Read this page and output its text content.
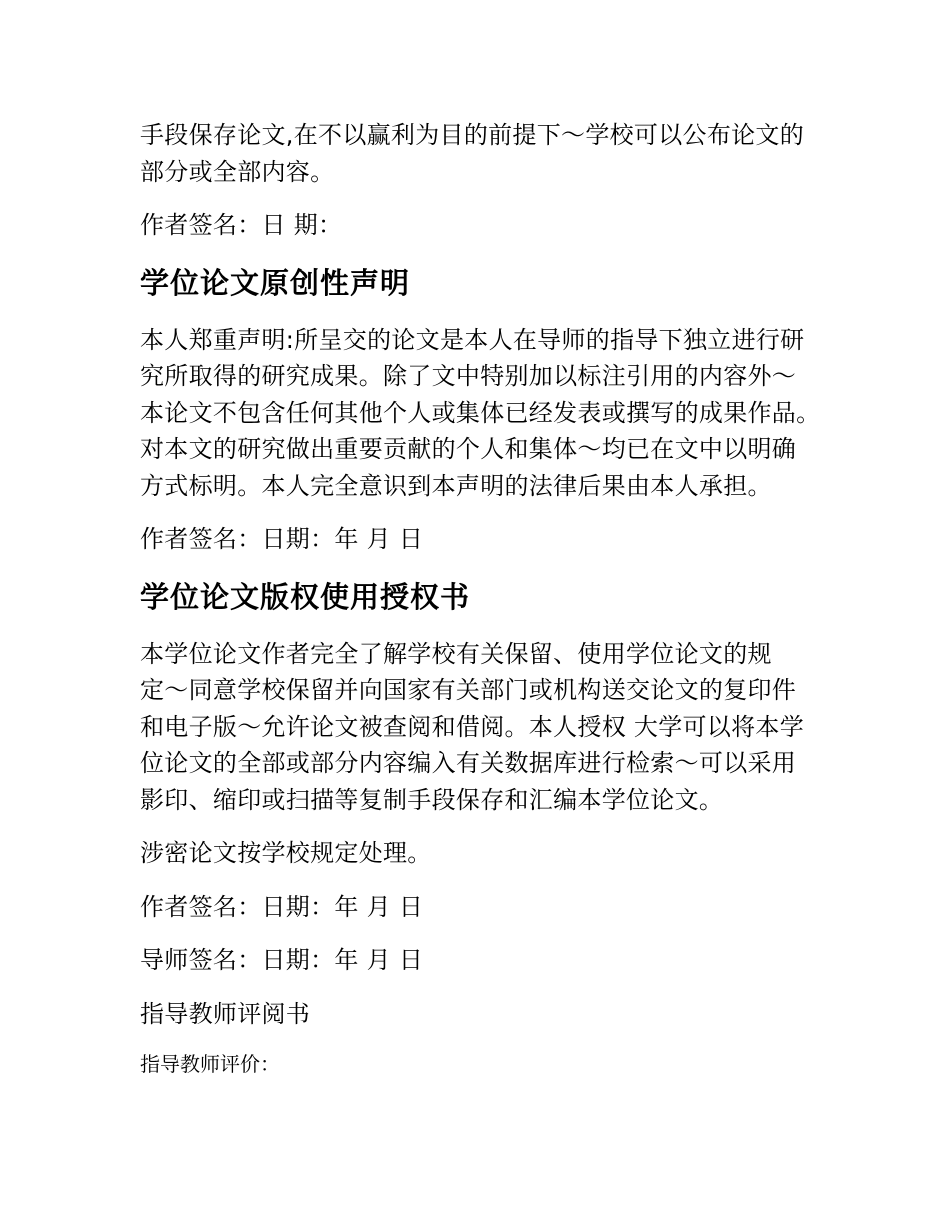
手段保存论文,在不以赢利为目的前提下～学校可以公布论文的
部分或全部内容。

作者签名：日 期：

学位论文原创性声明

本人郑重声明:所呈交的论文是本人在导师的指导下独立进行研
究所取得的研究成果。除了文中特别加以标注引用的内容外～
本论文不包含任何其他个人或集体已经发表或撰写的成果作品。
对本文的研究做出重要贡献的个人和集体～均已在文中以明确
方式标明。本人完全意识到本声明的法律后果由本人承担。

作者签名：日期：年 月 日

学位论文版权使用授权书

本学位论文作者完全了解学校有关保留、使用学位论文的规
定～同意学校保留并向国家有关部门或机构送交论文的复印件
和电子版～允许论文被查阅和借阅。本人授权 大学可以将本学
位论文的全部或部分内容编入有关数据库进行检索～可以采用
影印、缩印或扫描等复制手段保存和汇编本学位论文。

涉密论文按学校规定处理。

作者签名：日期：年 月 日

导师签名：日期：年 月 日

指导教师评阅书

指导教师评价：
